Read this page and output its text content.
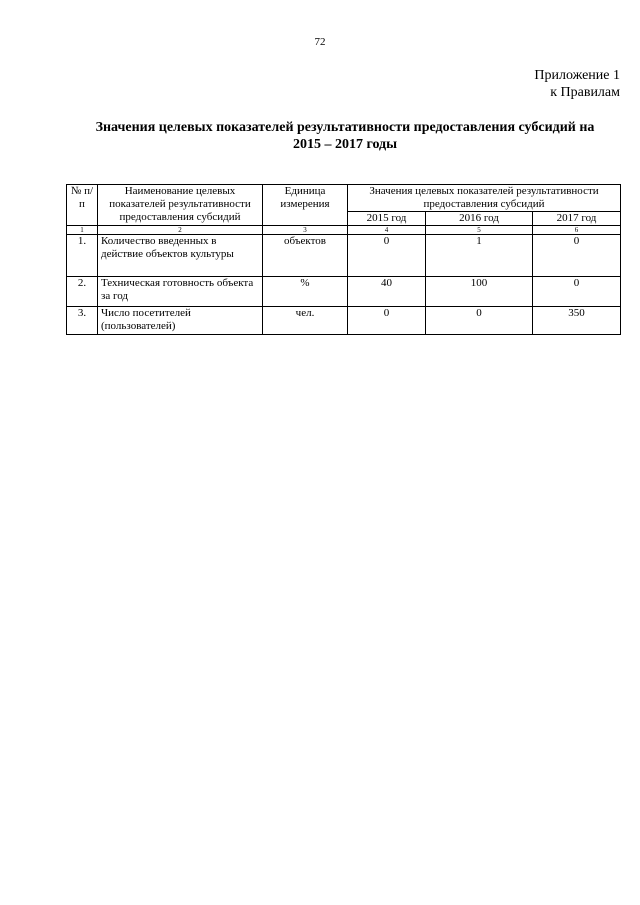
72
Приложение 1
к Правилам
Значения целевых показателей результативности предоставления субсидий на
2015 – 2017 годы
№ п/п	Наименование целевых показателей результативности предоставления субсидий	Единица измерения	Значения целевых показателей результативности предоставления субсидий		
			2015 год	2016 год	2017 год
1	2	3	4	5	6
1.	Количество введенных в действие объектов культуры	объектов	0	1	0
2.	Техническая готовность объекта за год	%	40	100	0
3.	Число посетителей (пользователей)	чел.	0	0	350
